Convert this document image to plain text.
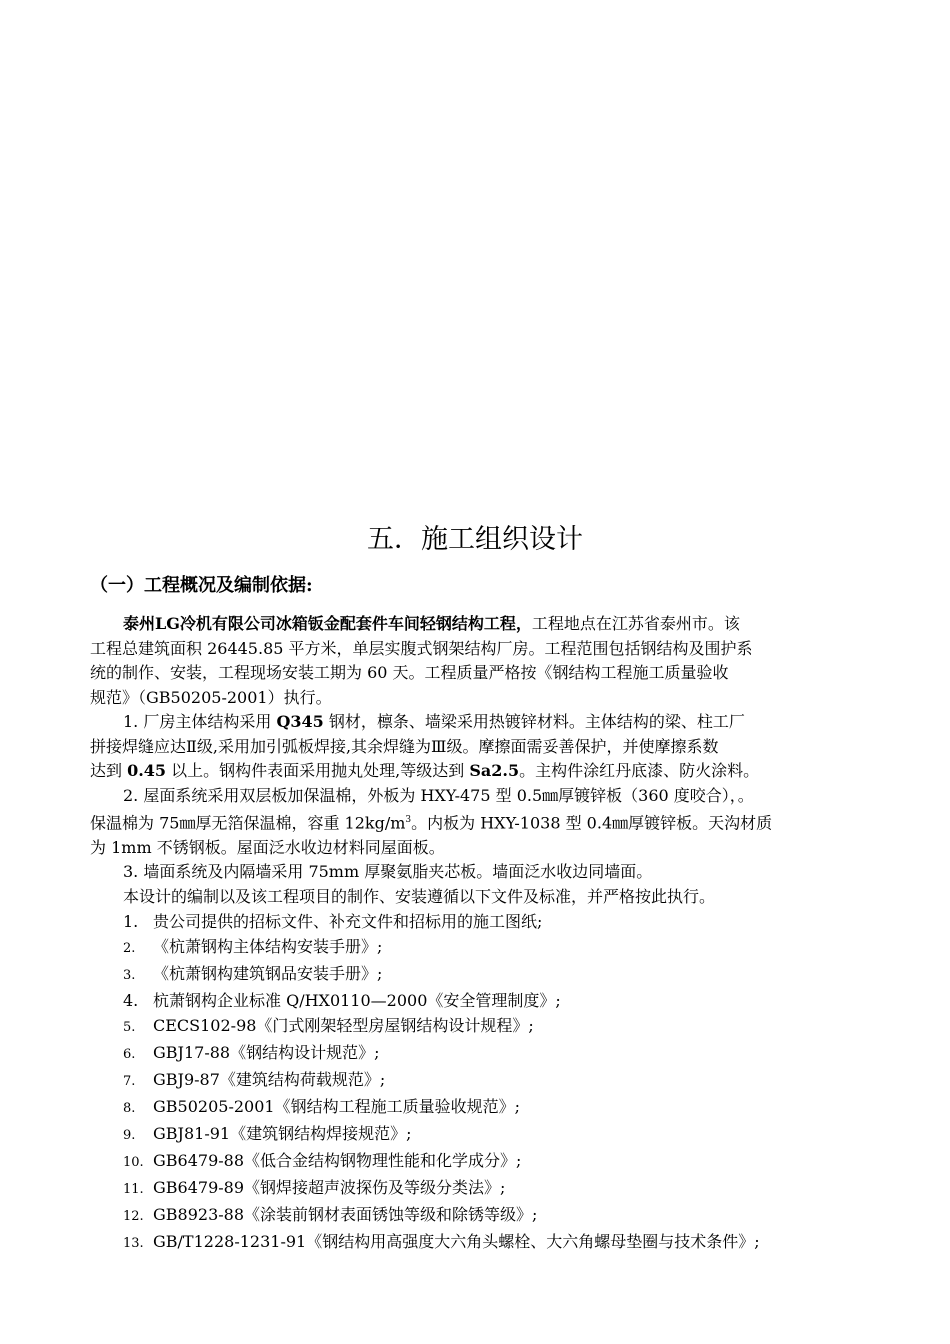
五．施工组织设计
（一）工程概况及编制依据:

泰州LG冷机有限公司冰箱钣金配套件车间轻钢结构工程，工程地点在江苏省泰州市。该

工程总建筑面积 26445.85 平方米，单层实腹式钢架结构厂房。工程范围包括钢结构及围护系
统的制作、安装，工程现场安装工期为 60 天。工程质量严格按《钢结构工程施工质量验收
规范》（GB50205-2001）执行。

1. 厂房主体结构采用 Q345 钢材，檩条、墙梁采用热镀锌材料。主体结构的梁、柱工厂

拼接焊缝应达Ⅱ级,采用加引弧板焊接,其余焊缝为Ⅲ级。摩擦面需妥善保护，并使摩擦系数
达到 0.45 以上。钢构件表面采用抛丸处理,等级达到 Sa2.5。主构件涂红丹底漆、防火涂料。

2. 屋面系统采用双层板加保温棉，外板为 HXY-475 型 0.5㎜厚镀锌板（360 度咬合），。

保温棉为 75㎜厚无箔保温棉，容重 $12kg/m^3$。内板为 HXY-1038 型 0.4㎜厚镀锌板。天沟材质
为 1mm 不锈钢板。屋面泛水收边材料同屋面板。

3. 墙面系统及内隔墙采用 75mm 厚聚氨脂夹芯板。墙面泛水收边同墙面。

本设计的编制以及该工程项目的制作、安装遵循以下文件及标准，并严格按此执行。

1. 贵公司提供的招标文件、补充文件和招标用的施工图纸;
2. 《杭萧钢构主体结构安装手册》;
3. 《杭萧钢构建筑钢品安装手册》;
4. 杭萧钢构企业标准 Q/HX0110—2000《安全管理制度》;
5. CECS102-98《门式刚架轻型房屋钢结构设计规程》;
6. GBJ17-88《钢结构设计规范》;
7. GBJ9-87《建筑结构荷载规范》;
8. GB50205-2001《钢结构工程施工质量验收规范》;
9. GBJ81-91《建筑钢结构焊接规范》;
10. GB6479-88《低合金结构钢物理性能和化学成分》;
11. GB6479-89《钢焊接超声波探伤及等级分类法》;
12. GB8923-88《涂装前钢材表面锈蚀等级和除锈等级》;
13. GB/T1228-1231-91《钢结构用高强度大六角头螺栓、大六角螺母垫圈与技术条件》;
